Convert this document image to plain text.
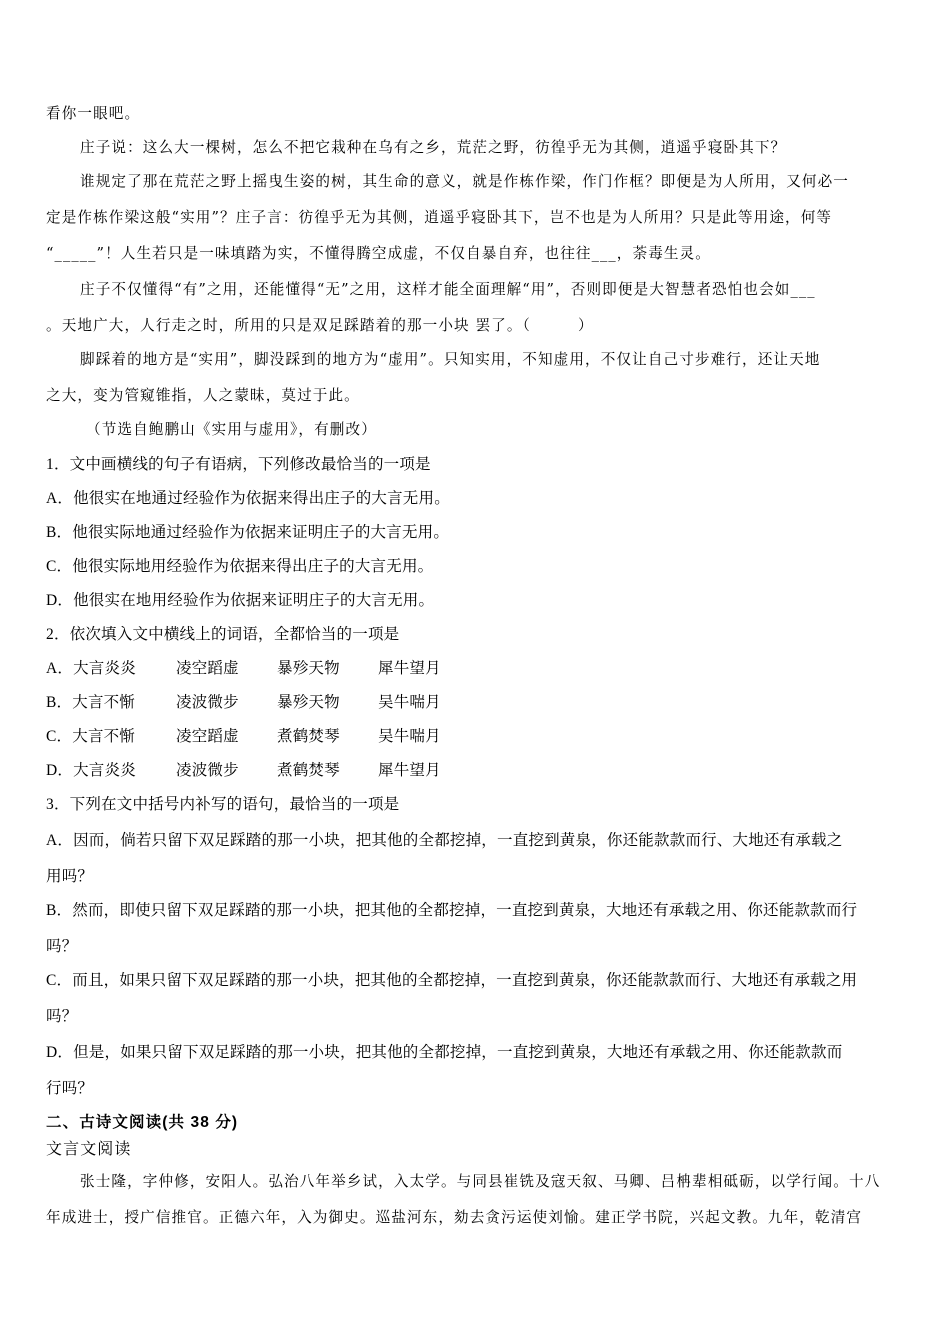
看你一眼吧。
庄子说：这么大一棵树，怎么不把它栽种在乌有之乡，荒茫之野，彷徨乎无为其侧，逍遥乎寝卧其下？
谁规定了那在荒茫之野上摇曳生姿的树，其生命的意义，就是作栋作梁，作门作框？即便是为人所用，又何必一
定是作栋作梁这般“实用”？庄子言：彷徨乎无为其侧，逍遥乎寝卧其下，岂不也是为人所用？只是此等用途，何等
“_____”！人生若只是一味填踏为实，不懂得腾空成虚，不仅自暴自弃，也往往___，荼毒生灵。
庄子不仅懂得“有”之用，还能懂得“无”之用，这样才能全面理解“用”，否则即便是大智慧者恐怕也会如___
。天地广大，人行走之时，所用的只是双足踩踏着的那一小块 罢了。（　　　）
脚踩着的地方是“实用”，脚没踩到的地方为“虚用”。只知实用，不知虚用，不仅让自己寸步难行，还让天地
之大，变为管窥锥指，人之蒙昧，莫过于此。
（节选自鲍鹏山《实用与虚用》，有删改）
1．文中画横线的句子有语病，下列修改最恰当的一项是
A．他很实在地通过经验作为依据来得出庄子的大言无用。
B．他很实际地通过经验作为依据来证明庄子的大言无用。
C．他很实际地用经验作为依据来得出庄子的大言无用。
D．他很实在地用经验作为依据来证明庄子的大言无用。
2．依次填入文中横线上的词语，全都恰当的一项是
A．大言炎炎	凌空蹈虚 暴殄天物 犀牛望月
B．大言不惭	凌波微步 暴殄天物 吴牛喘月
C．大言不惭	凌空蹈虚 煮鹤焚琴 吴牛喘月
D．大言炎炎	凌波微步 煮鹤焚琴 犀牛望月
3．下列在文中括号内补写的语句，最恰当的一项是
A．因而，倘若只留下双足踩踏的那一小块，把其他的全都挖掉，一直挖到黄泉，你还能款款而行、大地还有承载之
用吗？
B．然而，即使只留下双足踩踏的那一小块，把其他的全都挖掉，一直挖到黄泉，大地还有承载之用、你还能款款而行
吗？
C．而且，如果只留下双足踩踏的那一小块，把其他的全都挖掉，一直挖到黄泉，你还能款款而行、大地还有承载之用
吗？
D．但是，如果只留下双足踩踏的那一小块，把其他的全都挖掉，一直挖到黄泉，大地还有承载之用、你还能款款而
行吗？
二、古诗文阅读(共 38 分)
文言文阅读
张士隆，字仲修，安阳人。弘治八年举乡试，入太学。与同县崔铣及寇天叙、马卿、吕柟辈相砥砺，以学行闻。十八
年成进士，授广信推官。正德六年，入为御史。巡盐河东，劾去贪污运使刘愉。建正学书院，兴起文教。九年，乾清宫
